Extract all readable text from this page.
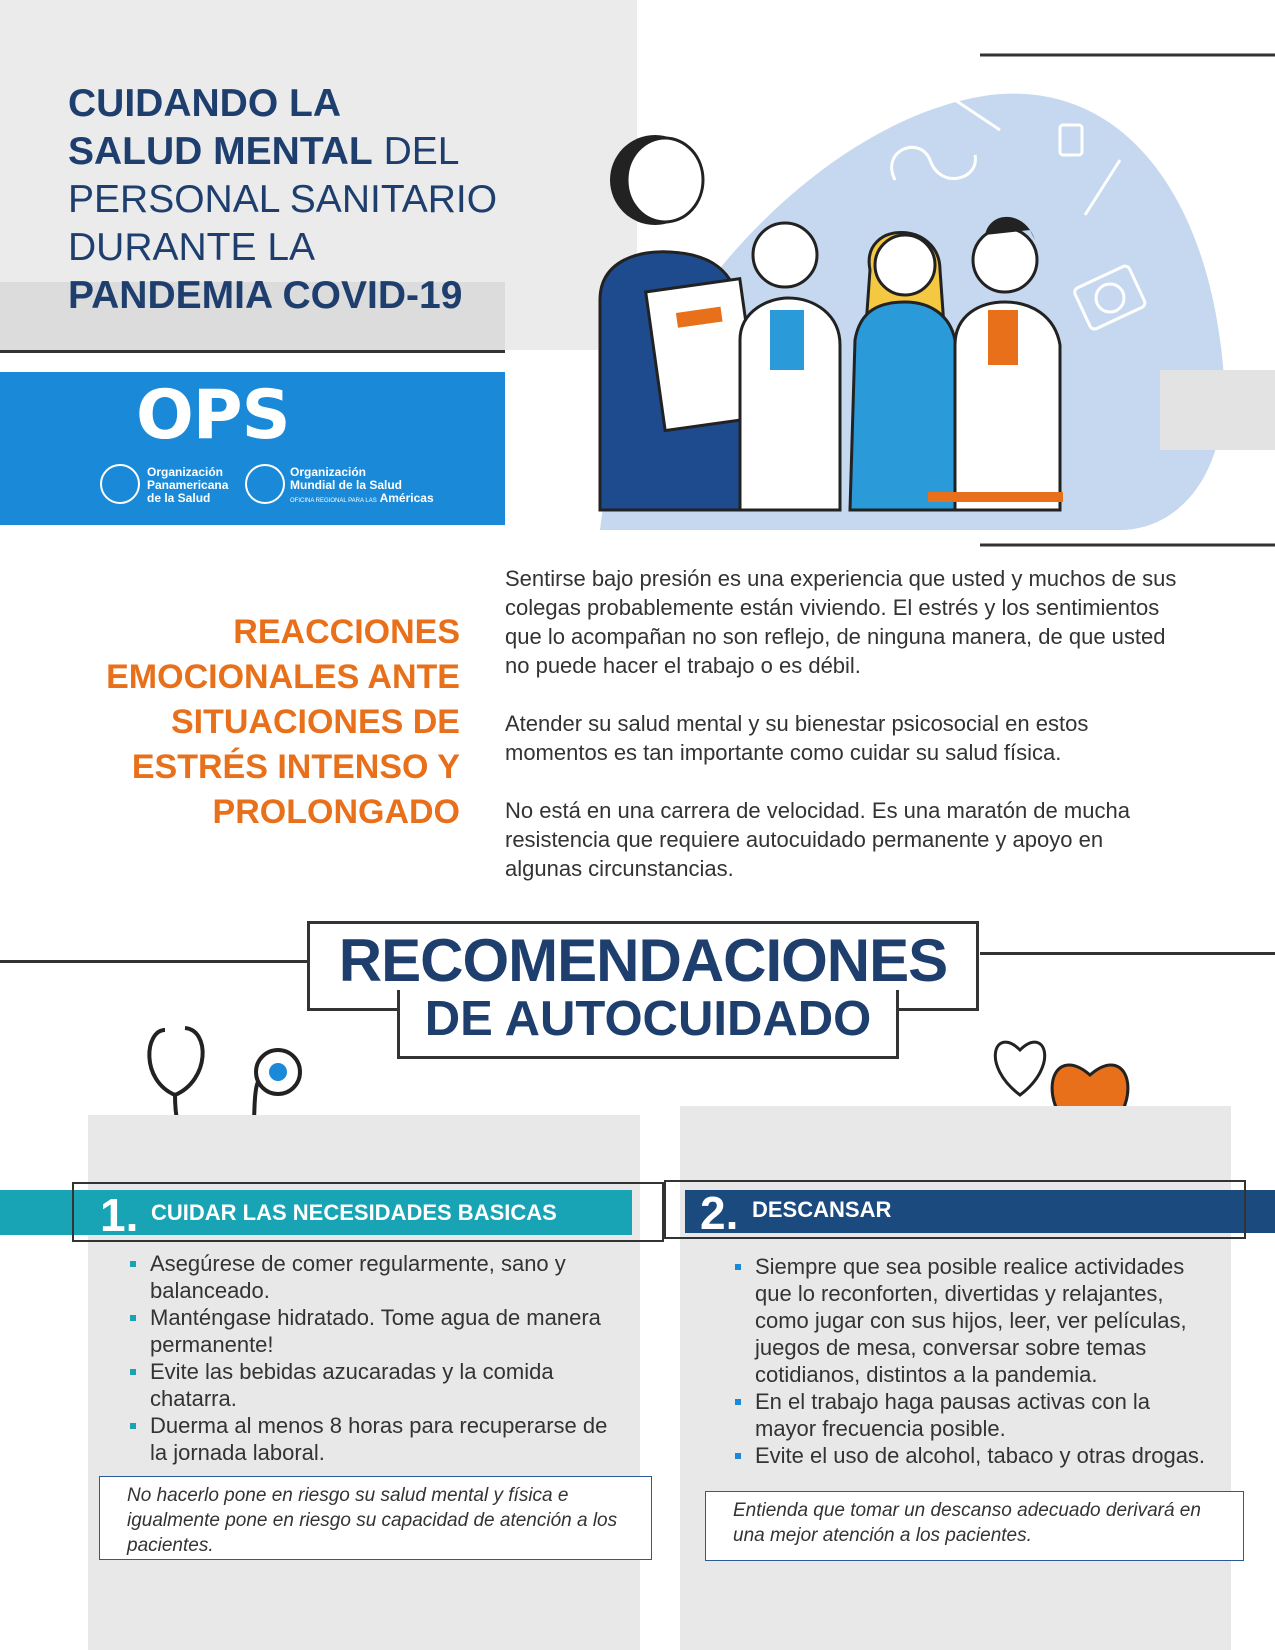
CUIDANDO LA
SALUD MENTAL DEL
PERSONAL SANITARIO
DURANTE LA
PANDEMIA COVID-19
OPS
Organización
Panamericana
de la Salud
Organización
Mundial de la Salud
OFICINA REGIONAL PARA LAS Américas
REACCIONES
EMOCIONALES ANTE
SITUACIONES DE
ESTRÉS INTENSO Y
PROLONGADO

Sentirse bajo presión es una experiencia que usted y muchos de sus colegas probablemente están viviendo. El estrés y los sentimientos que lo acompañan no son reflejo, de ninguna manera, de que usted no puede hacer el trabajo o es débil.

Atender su salud mental y su bienestar psicosocial en estos momentos es tan importante como cuidar su salud física.

No está en una carrera de velocidad. Es una maratón de mucha resistencia que requiere autocuidado permanente y apoyo en algunas circunstancias.

RECOMENDACIONES
DE AUTOCUIDADO
1. CUIDAR LAS NECESIDADES BASICAS	2. DESCANSAR
Asegúrese de comer regularmente, sano y balanceado.
Manténgase hidratado. Tome agua de manera permanente!
Evite las bebidas azucaradas y la comida chatarra.
Duerma al menos 8 horas para recuperarse de la jornada laboral.
Siempre que sea posible realice actividades que lo reconforten, divertidas y relajantes, como jugar con sus hijos, leer, ver películas, juegos de mesa, conversar sobre temas cotidianos, distintos a la pandemia.
En el trabajo haga pausas activas con la mayor frecuencia posible.
Evite el uso de alcohol, tabaco y otras drogas.
No hacerlo pone en riesgo su salud mental y física e igualmente pone en riesgo su capacidad de atención a los pacientes.
Entienda que tomar un descanso adecuado derivará en una mejor atención a los pacientes.
